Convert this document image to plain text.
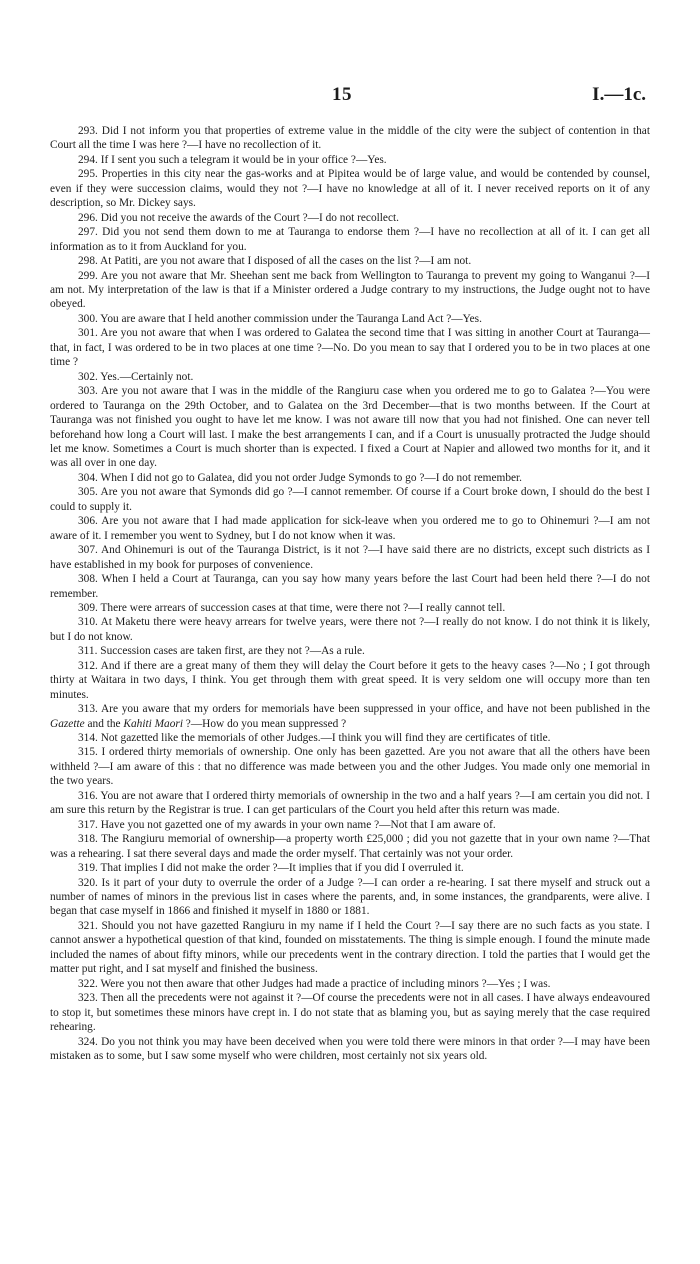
15	I.—1c.

293. Did I not inform you that properties of extreme value in the middle of the city were the subject of contention in that Court all the time I was here ?—I have no recollection of it.

294. If I sent you such a telegram it would be in your office ?—Yes.

295. Properties in this city near the gas-works and at Pipitea would be of large value, and would be contended by counsel, even if they were succession claims, would they not ?—I have no knowledge at all of it. I never received reports on it of any description, so Mr. Dickey says.

296. Did you not receive the awards of the Court ?—I do not recollect.

297. Did you not send them down to me at Tauranga to endorse them ?—I have no recollection at all of it. I can get all information as to it from Auckland for you.

298. At Patiti, are you not aware that I disposed of all the cases on the list ?—I am not.

299. Are you not aware that Mr. Sheehan sent me back from Wellington to Tauranga to prevent my going to Wanganui ?—I am not. My interpretation of the law is that if a Minister ordered a Judge contrary to my instructions, the Judge ought not to have obeyed.

300. You are aware that I held another commission under the Tauranga Land Act ?—Yes.

301. Are you not aware that when I was ordered to Galatea the second time that I was sitting in another Court at Tauranga—that, in fact, I was ordered to be in two places at one time ?—No. Do you mean to say that I ordered you to be in two places at one time ?

302. Yes.—Certainly not.

303. Are you not aware that I was in the middle of the Rangiuru case when you ordered me to go to Galatea ?—You were ordered to Tauranga on the 29th October, and to Galatea on the 3rd December—that is two months between. If the Court at Tauranga was not finished you ought to have let me know. I was not aware till now that you had not finished. One can never tell beforehand how long a Court will last. I make the best arrangements I can, and if a Court is unusually protracted the Judge should let me know. Sometimes a Court is much shorter than is expected. I fixed a Court at Napier and allowed two months for it, and it was all over in one day.

304. When I did not go to Galatea, did you not order Judge Symonds to go ?—I do not remember.

305. Are you not aware that Symonds did go ?—I cannot remember. Of course if a Court broke down, I should do the best I could to supply it.

306. Are you not aware that I had made application for sick-leave when you ordered me to go to Ohinemuri ?—I am not aware of it. I remember you went to Sydney, but I do not know when it was.

307. And Ohinemuri is out of the Tauranga District, is it not ?—I have said there are no districts, except such districts as I have established in my book for purposes of convenience.

308. When I held a Court at Tauranga, can you say how many years before the last Court had been held there ?—I do not remember.

309. There were arrears of succession cases at that time, were there not ?—I really cannot tell.

310. At Maketu there were heavy arrears for twelve years, were there not ?—I really do not know. I do not think it is likely, but I do not know.

311. Succession cases are taken first, are they not ?—As a rule.

312. And if there are a great many of them they will delay the Court before it gets to the heavy cases ?—No ; I got through thirty at Waitara in two days, I think. You get through them with great speed. It is very seldom one will occupy more than ten minutes.

313. Are you aware that my orders for memorials have been suppressed in your office, and have not been published in the Gazette and the Kahiti Maori ?—How do you mean suppressed ?

314. Not gazetted like the memorials of other Judges.—I think you will find they are certificates of title.

315. I ordered thirty memorials of ownership. One only has been gazetted. Are you not aware that all the others have been withheld ?—I am aware of this : that no difference was made between you and the other Judges. You made only one memorial in the two years.

316. You are not aware that I ordered thirty memorials of ownership in the two and a half years ?—I am certain you did not. I am sure this return by the Registrar is true. I can get particulars of the Court you held after this return was made.

317. Have you not gazetted one of my awards in your own name ?—Not that I am aware of.

318. The Rangiuru memorial of ownership—a property worth £25,000 ; did you not gazette that in your own name ?—That was a rehearing. I sat there several days and made the order myself. That certainly was not your order.

319. That implies I did not make the order ?—It implies that if you did I overruled it.

320. Is it part of your duty to overrule the order of a Judge ?—I can order a re-hearing. I sat there myself and struck out a number of names of minors in the previous list in cases where the parents, and, in some instances, the grandparents, were alive. I began that case myself in 1866 and finished it myself in 1880 or 1881.

321. Should you not have gazetted Rangiuru in my name if I held the Court ?—I say there are no such facts as you state. I cannot answer a hypothetical question of that kind, founded on misstatements. The thing is simple enough. I found the minute made included the names of about fifty minors, while our precedents went in the contrary direction. I told the parties that I would get the matter put right, and I sat myself and finished the business.

322. Were you not then aware that other Judges had made a practice of including minors ?—Yes ; I was.

323. Then all the precedents were not against it ?—Of course the precedents were not in all cases. I have always endeavoured to stop it, but sometimes these minors have crept in. I do not state that as blaming you, but as saying merely that the case required rehearing.

324. Do you not think you may have been deceived when you were told there were minors in that order ?—I may have been mistaken as to some, but I saw some myself who were children, most certainly not six years old.
